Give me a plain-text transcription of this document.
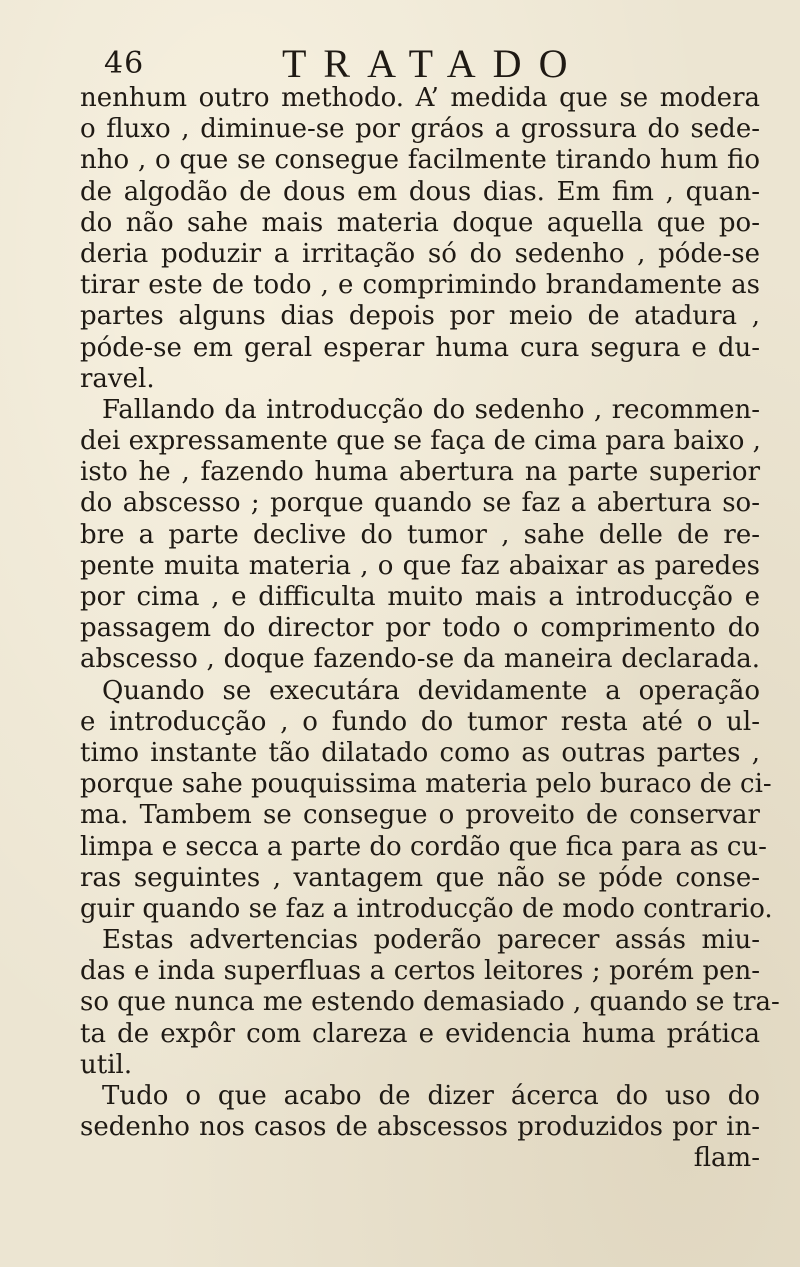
46	TRATADO
nenhum outro methodo. A’ medida que se modera
o fluxo , diminue-se por gráos a grossura do sede-
nho , o que se consegue facilmente tirando hum fio
de algodão de dous em dous dias. Em fim , quan-
do não sahe mais materia doque aquella que po-
deria poduzir a irritação só do sedenho , póde-se
tirar este de todo , e comprimindo brandamente as
partes alguns dias depois por meio de atadura ,
póde-se em geral esperar huma cura segura e du-
ravel.
Fallando da introducção do sedenho , recommen-
dei expressamente que se faça de cima para baixo ,
isto he , fazendo huma abertura na parte superior
do abscesso ; porque quando se faz a abertura so-
bre a parte declive do tumor , sahe delle de re-
pente muita materia , o que faz abaixar as paredes
por cima , e difficulta muito mais a introducção e
passagem do director por todo o comprimento do
abscesso , doque fazendo-se da maneira declarada.
Quando se executára devidamente a operação
e introducção , o fundo do tumor resta até o ul-
timo instante tão dilatado como as outras partes ,
porque sahe pouquissima materia pelo buraco de ci-
ma. Tambem se consegue o proveito de conservar
limpa e secca a parte do cordão que fica para as cu-
ras seguintes , vantagem que não se póde conse-
guir quando se faz a introducção de modo contrario.
Estas advertencias poderão parecer assás miu-
das e inda superfluas a certos leitores ; porém pen-
so que nunca me estendo demasiado , quando se tra-
ta de expôr com clareza e evidencia huma prática
util.
Tudo o que acabo de dizer ácerca do uso do
sedenho nos casos de abscessos produzidos por in-
flam-
